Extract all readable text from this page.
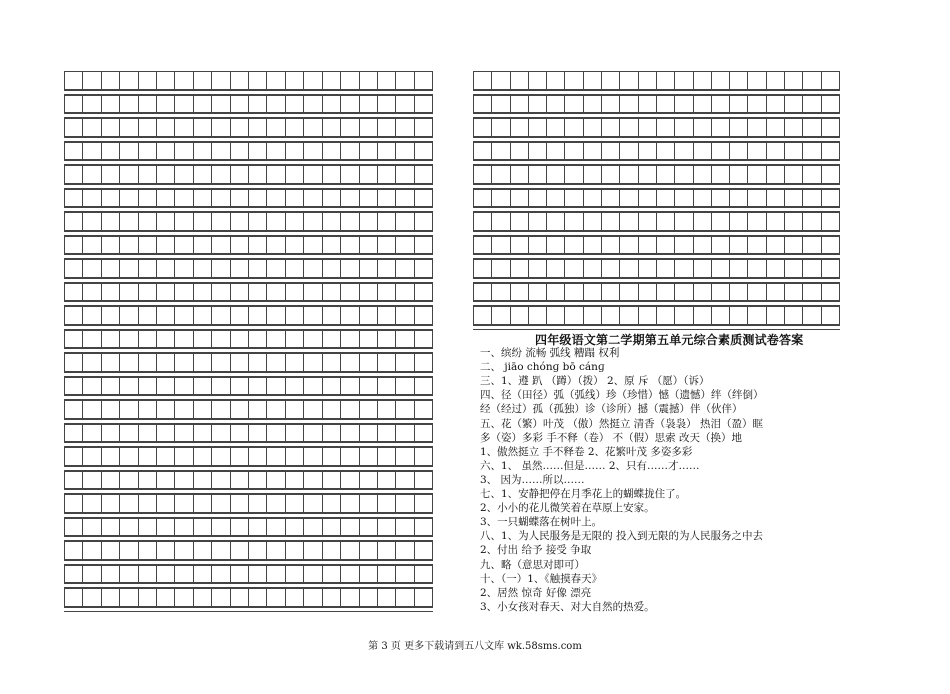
四年级语文第二学期第五单元综合素质测试卷答案
一、缤纷 流畅 弧线 糟蹋 权利
二、 jiāo chónɡ bō cánɡ
三、1、遵 趴 （蹲）（拨） 2、原 斥 （愿）（诉）
四、径（田径）弧（弧线）珍（珍惜）憾（遗憾）绊（绊倒）
经（经过）孤（孤独）诊（诊所）撼（震撼）伴（伙伴）
五、花（繁）叶茂 （傲）然挺立 清香（袅袅） 热泪（盈）眶
多（姿）多彩 手不释（卷） 不（假）思索 改天（换）地
1、傲然挺立 手不释卷 2、花繁叶茂 多姿多彩
六、1、 虽然……但是…… 2、只有……才……
3、 因为……所以……
七、1、安静把停在月季花上的蝴蝶拢住了。
2、小小的花儿微笑着在草原上安家。
3、一只蝴蝶落在树叶上。
八、1、为人民服务是无限的 投入到无限的为人民服务之中去
2、付出 给予 接受 争取
九、略（意思对即可）
十、（一）1、《触摸春天》
2、居然 惊奇 好像 漂亮
3、小女孩对春天、对大自然的热爱。
第 3 页 更多下载请到五八文库 wk.58sms.com
